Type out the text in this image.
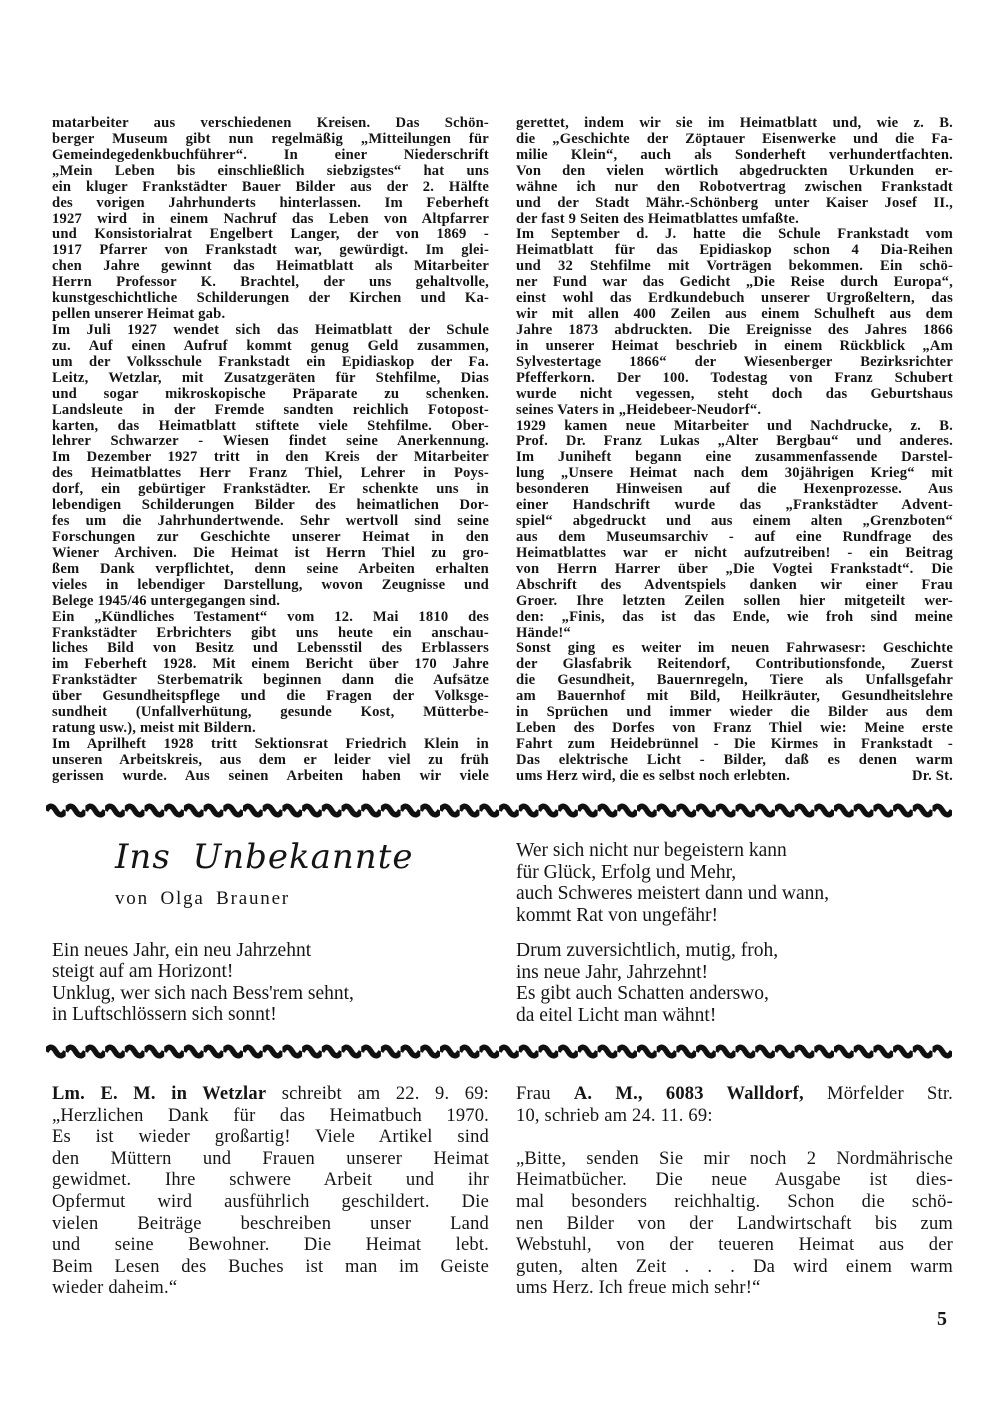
matarbeiter aus verschiedenen Kreisen. Das Schön-
berger Museum gibt nun regelmäßig „Mitteilungen für
Gemeindegedenkbuchführer“. In einer Niederschrift
„Mein Leben bis einschließlich siebzigstes“ hat uns
ein kluger Frankstädter Bauer Bilder aus der 2. Hälfte
des vorigen Jahrhunderts hinterlassen. Im Feberheft
1927 wird in einem Nachruf das Leben von Altpfarrer
und Konsistorialrat Engelbert Langer, der von 1869 -
1917 Pfarrer von Frankstadt war, gewürdigt. Im glei-
chen Jahre gewinnt das Heimatblatt als Mitarbeiter
Herrn Professor K. Brachtel, der uns gehaltvolle,
kunstgeschichtliche Schilderungen der Kirchen und Ka-
pellen unserer Heimat gab.
Im Juli 1927 wendet sich das Heimatblatt der Schule
zu. Auf einen Aufruf kommt genug Geld zusammen,
um der Volksschule Frankstadt ein Epidiaskop der Fa.
Leitz, Wetzlar, mit Zusatzgeräten für Stehfilme, Dias
und sogar mikroskopische Präparate zu schenken.
Landsleute in der Fremde sandten reichlich Fotopost-
karten, das Heimatblatt stiftete viele Stehfilme. Ober-
lehrer Schwarzer - Wiesen findet seine Anerkennung.
Im Dezember 1927 tritt in den Kreis der Mitarbeiter
des Heimatblattes Herr Franz Thiel, Lehrer in Poys-
dorf, ein gebürtiger Frankstädter. Er schenkte uns in
lebendigen Schilderungen Bilder des heimatlichen Dor-
fes um die Jahrhundertwende. Sehr wertvoll sind seine
Forschungen zur Geschichte unserer Heimat in den
Wiener Archiven. Die Heimat ist Herrn Thiel zu gro-
ßem Dank verpflichtet, denn seine Arbeiten erhalten
vieles in lebendiger Darstellung, wovon Zeugnisse und
Belege 1945/46 untergegangen sind.
Ein „Kündliches Testament“ vom 12. Mai 1810 des
Frankstädter Erbrichters gibt uns heute ein anschau-
liches Bild von Besitz und Lebensstil des Erblassers
im Feberheft 1928. Mit einem Bericht über 170 Jahre
Frankstädter Sterbematrik beginnen dann die Aufsätze
über Gesundheitspflege und die Fragen der Volksge-
sundheit (Unfallverhütung, gesunde Kost, Mütterbe-
ratung usw.), meist mit Bildern.
Im Aprilheft 1928 tritt Sektionsrat Friedrich Klein in
unseren Arbeitskreis, aus dem er leider viel zu früh
gerissen wurde. Aus seinen Arbeiten haben wir viele
gerettet, indem wir sie im Heimatblatt und, wie z. B.
die „Geschichte der Zöptauer Eisenwerke und die Fa-
milie Klein“, auch als Sonderheft verhundertfachten.
Von den vielen wörtlich abgedruckten Urkunden er-
wähne ich nur den Robotvertrag zwischen Frankstadt
und der Stadt Mähr.-Schönberg unter Kaiser Josef II.,
der fast 9 Seiten des Heimatblattes umfaßte.
Im September d. J. hatte die Schule Frankstadt vom
Heimatblatt für das Epidiaskop schon 4 Dia-Reihen
und 32 Stehfilme mit Vorträgen bekommen. Ein schö-
ner Fund war das Gedicht „Die Reise durch Europa“,
einst wohl das Erdkundebuch unserer Urgroßeltern, das
wir mit allen 400 Zeilen aus einem Schulheft aus dem
Jahre 1873 abdruckten. Die Ereignisse des Jahres 1866
in unserer Heimat beschrieb in einem Rückblick „Am
Sylvestertage 1866“ der Wiesenberger Bezirksrichter
Pfefferkorn. Der 100. Todestag von Franz Schubert
wurde nicht vegessen, steht doch das Geburtshaus
seines Vaters in „Heidebeer-Neudorf“.
1929 kamen neue Mitarbeiter und Nachdrucke, z. B.
Prof. Dr. Franz Lukas „Alter Bergbau“ und anderes.
Im Juniheft begann eine zusammenfassende Darstel-
lung „Unsere Heimat nach dem 30jährigen Krieg“ mit
besonderen Hinweisen auf die Hexenprozesse. Aus
einer Handschrift wurde das „Frankstädter Advent-
spiel“ abgedruckt und aus einem alten „Grenzboten“
aus dem Museumsarchiv - auf eine Rundfrage des
Heimatblattes war er nicht aufzutreiben! - ein Beitrag
von Herrn Harrer über „Die Vogtei Frankstadt“. Die
Abschrift des Adventspiels danken wir einer Frau
Groer. Ihre letzten Zeilen sollen hier mitgeteilt wer-
den: „Finis, das ist das Ende, wie froh sind meine
Hände!“
Sonst ging es weiter im neuen Fahrwasesr: Geschichte
der Glasfabrik Reitendorf, Contributionsfonde, Zuerst
die Gesundheit, Bauernregeln, Tiere als Unfallsgefahr
am Bauernhof mit Bild, Heilkräuter, Gesundheitslehre
in Sprüchen und immer wieder die Bilder aus dem
Leben des Dorfes von Franz Thiel wie: Meine erste
Fahrt zum Heidebrünnel - Die Kirmes in Frankstadt -
Das elektrische Licht - Bilder, daß es denen warm
ums Herz wird, die es selbst noch erlebten.	Dr. St.
Ins Unbekannte
von Olga Brauner
Ein neues Jahr, ein neu Jahrzehnt
steigt auf am Horizont!
Unklug, wer sich nach Bess'rem sehnt,
in Luftschlössern sich sonnt!
Wer sich nicht nur begeistern kann
für Glück, Erfolg und Mehr,
auch Schweres meistert dann und wann,
kommt Rat von ungefähr!
Drum zuversichtlich, mutig, froh,
ins neue Jahr, Jahrzehnt!
Es gibt auch Schatten anderswo,
da eitel Licht man wähnt!
Lm. E. M. in Wetzlar schreibt am 22. 9. 69:
„Herzlichen Dank für das Heimatbuch 1970.
Es ist wieder großartig! Viele Artikel sind
den Müttern und Frauen unserer Heimat
gewidmet. Ihre schwere Arbeit und ihr
Opfermut wird ausführlich geschildert. Die
vielen Beiträge beschreiben unser Land
und seine Bewohner. Die Heimat lebt.
Beim Lesen des Buches ist man im Geiste
wieder daheim.“
Frau A. M., 6083 Walldorf, Mörfelder Str.
10, schrieb am 24. 11. 69:

„Bitte, senden Sie mir noch 2 Nordmährische
Heimatbücher. Die neue Ausgabe ist dies-
mal besonders reichhaltig. Schon die schö-
nen Bilder von der Landwirtschaft bis zum
Webstuhl, von der teueren Heimat aus der
guten, alten Zeit . . . Da wird einem warm
ums Herz. Ich freue mich sehr!“
5
